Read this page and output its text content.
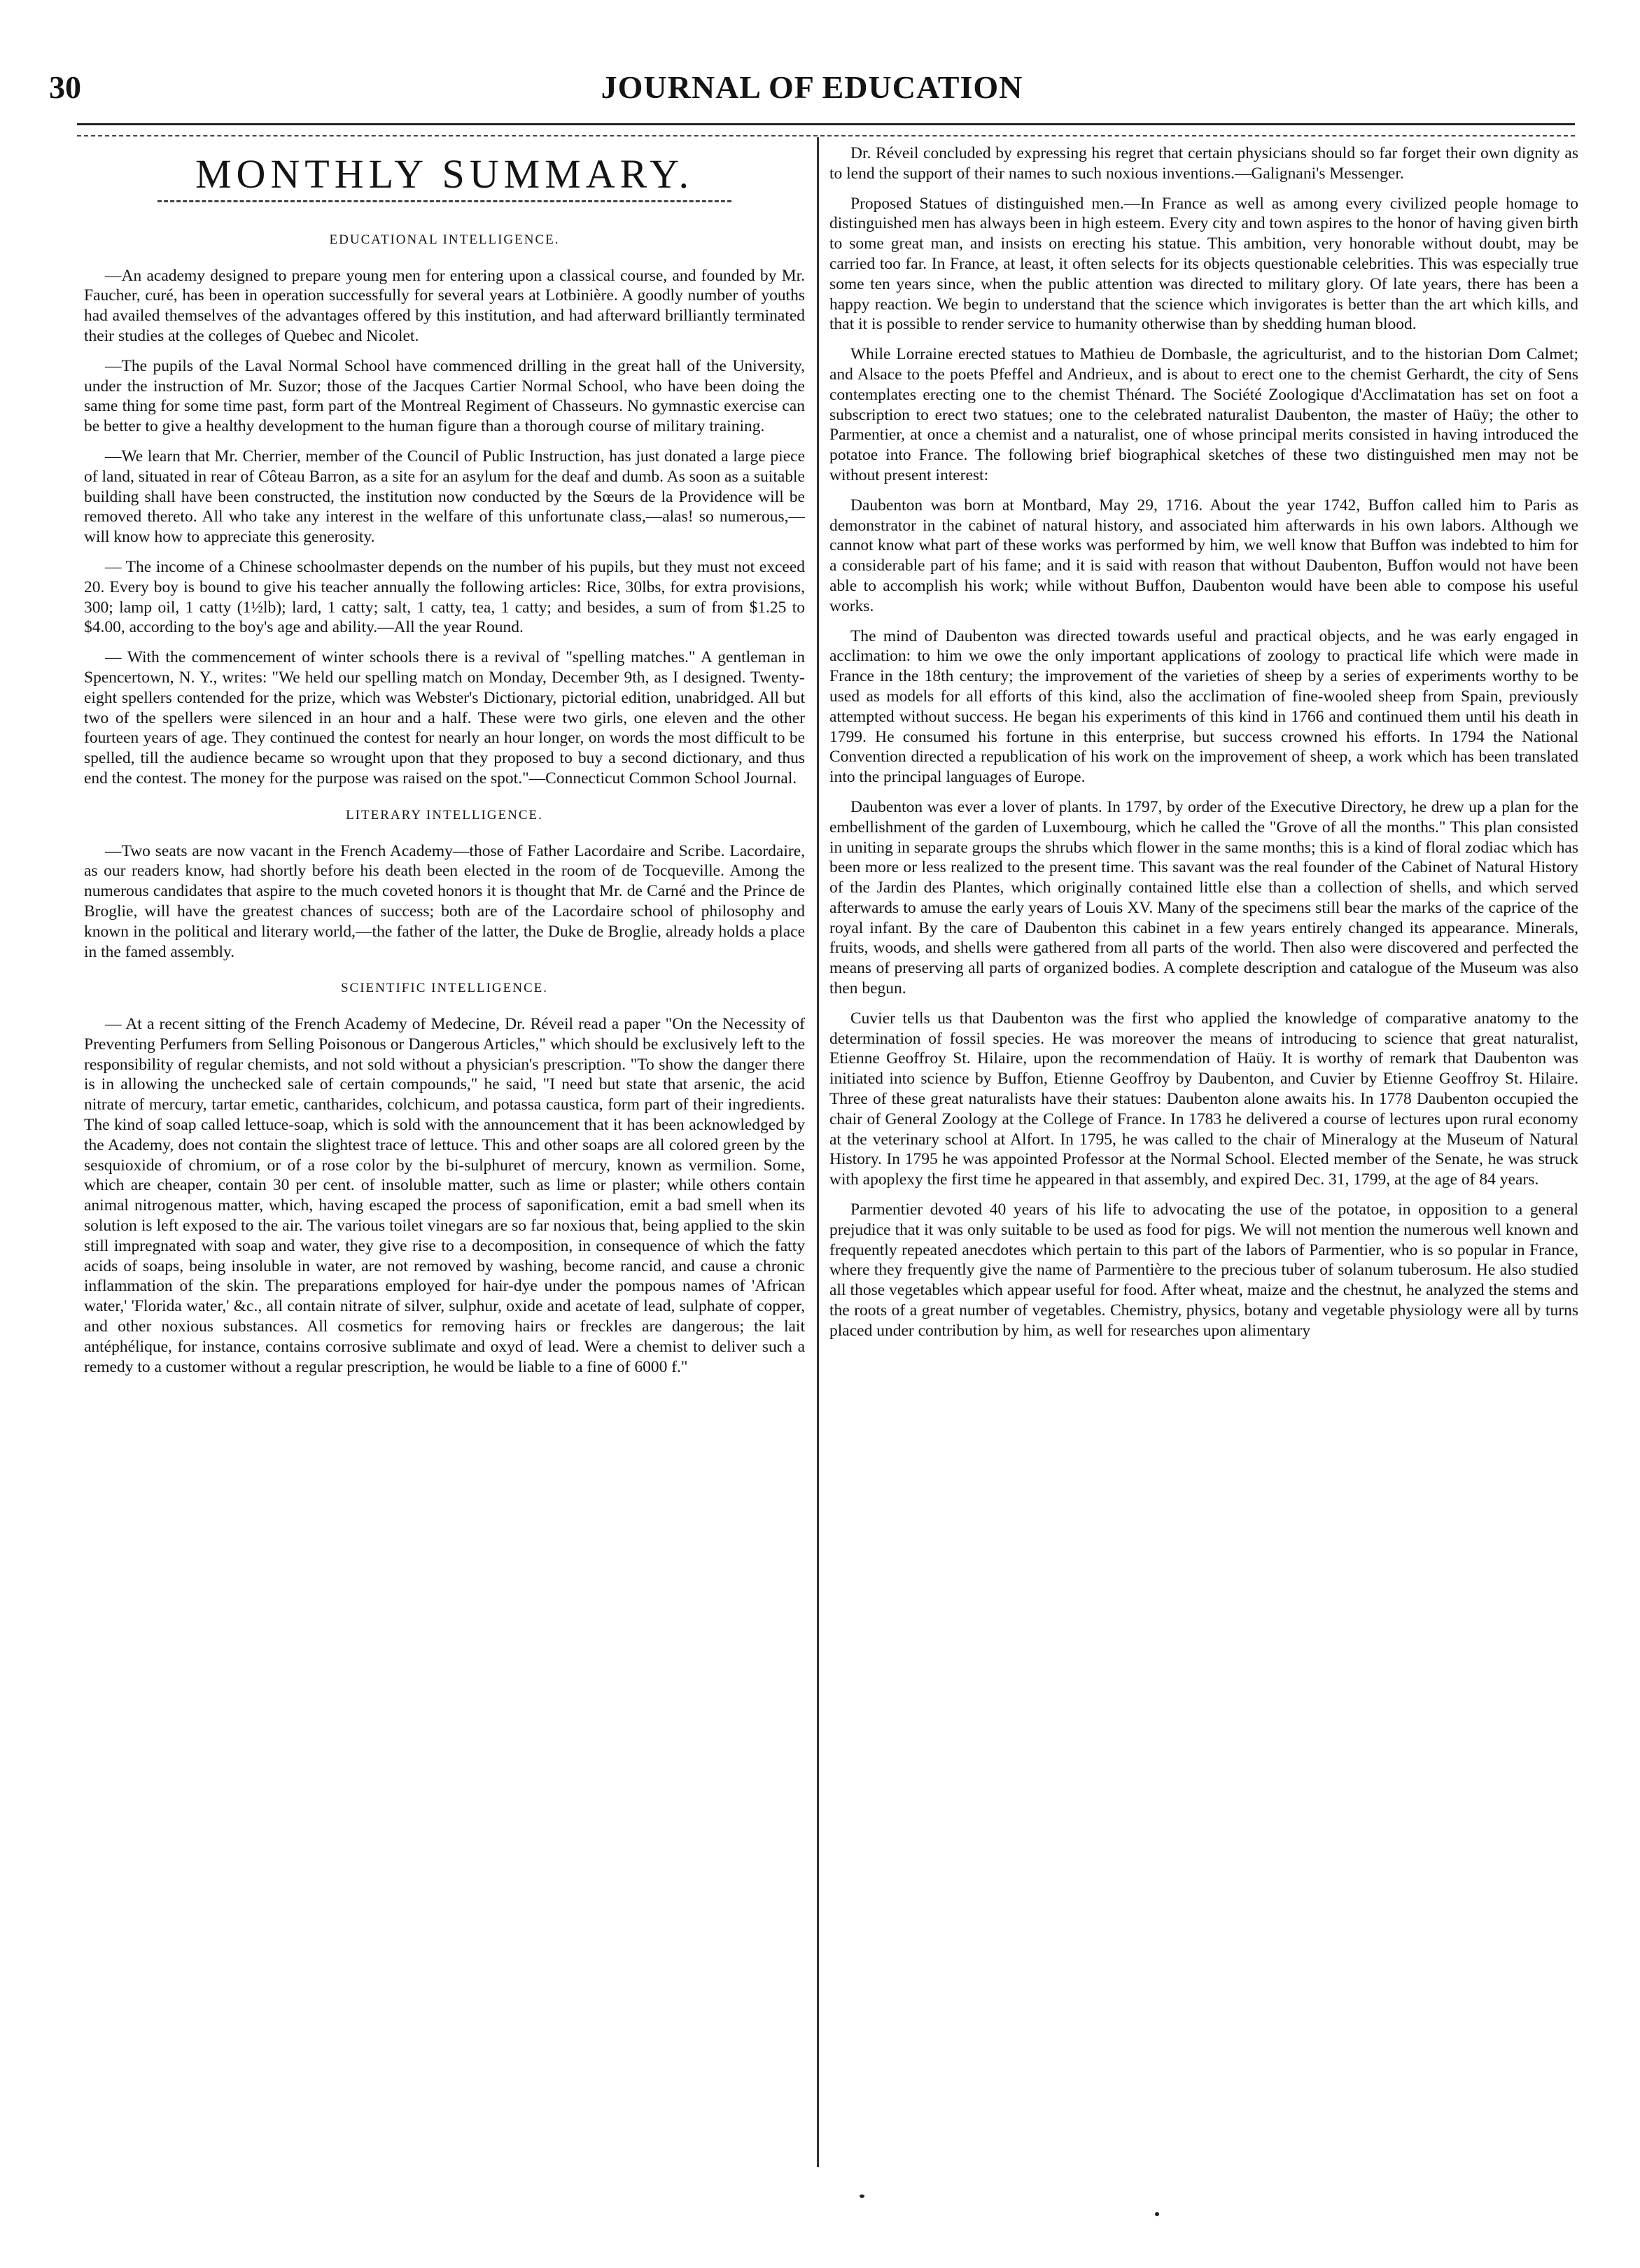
30	JOURNAL OF EDUCATION
MONTHLY SUMMARY.
EDUCATIONAL INTELLIGENCE.

—An academy designed to prepare young men for entering upon a classical course, and founded by Mr. Faucher, curé, has been in operation successfully for several years at Lotbinière. A goodly number of youths had availed themselves of the advantages offered by this institution, and had afterward brilliantly terminated their studies at the colleges of Quebec and Nicolet.

—The pupils of the Laval Normal School have commenced drilling in the great hall of the University, under the instruction of Mr. Suzor; those of the Jacques Cartier Normal School, who have been doing the same thing for some time past, form part of the Montreal Regiment of Chasseurs. No gymnastic exercise can be better to give a healthy development to the human figure than a thorough course of military training.

—We learn that Mr. Cherrier, member of the Council of Public Instruction, has just donated a large piece of land, situated in rear of Côteau Barron, as a site for an asylum for the deaf and dumb. As soon as a suitable building shall have been constructed, the institution now conducted by the Sœurs de la Providence will be removed thereto. All who take any interest in the welfare of this unfortunate class,—alas! so numerous,—will know how to appreciate this generosity.

— The income of a Chinese schoolmaster depends on the number of his pupils, but they must not exceed 20. Every boy is bound to give his teacher annually the following articles: Rice, 30lbs, for extra provisions, 300; lamp oil, 1 catty (1½lb); lard, 1 catty; salt, 1 catty, tea, 1 catty; and besides, a sum of from $1.25 to $4.00, according to the boy's age and ability.—All the year Round.

— With the commencement of winter schools there is a revival of "spelling matches." A gentleman in Spencertown, N. Y., writes: "We held our spelling match on Monday, December 9th, as I designed. Twenty-eight spellers contended for the prize, which was Webster's Dictionary, pictorial edition, unabridged. All but two of the spellers were silenced in an hour and a half. These were two girls, one eleven and the other fourteen years of age. They continued the contest for nearly an hour longer, on words the most difficult to be spelled, till the audience became so wrought upon that they proposed to buy a second dictionary, and thus end the contest. The money for the purpose was raised on the spot."—Connecticut Common School Journal.

LITERARY INTELLIGENCE.

—Two seats are now vacant in the French Academy—those of Father Lacordaire and Scribe. Lacordaire, as our readers know, had shortly before his death been elected in the room of de Tocqueville. Among the numerous candidates that aspire to the much coveted honors it is thought that Mr. de Carné and the Prince de Broglie, will have the greatest chances of success; both are of the Lacordaire school of philosophy and known in the political and literary world,—the father of the latter, the Duke de Broglie, already holds a place in the famed assembly.

SCIENTIFIC INTELLIGENCE.

— At a recent sitting of the French Academy of Medecine, Dr. Réveil read a paper "On the Necessity of Preventing Perfumers from Selling Poisonous or Dangerous Articles," which should be exclusively left to the responsibility of regular chemists, and not sold without a physician's prescription. "To show the danger there is in allowing the unchecked sale of certain compounds," he said, "I need but state that arsenic, the acid nitrate of mercury, tartar emetic, cantharides, colchicum, and potassa caustica, form part of their ingredients. The kind of soap called lettuce-soap, which is sold with the announcement that it has been acknowledged by the Academy, does not contain the slightest trace of lettuce. This and other soaps are all colored green by the sesquioxide of chromium, or of a rose color by the bi-sulphuret of mercury, known as vermilion. Some, which are cheaper, contain 30 per cent. of insoluble matter, such as lime or plaster; while others contain animal nitrogenous matter, which, having escaped the process of saponification, emit a bad smell when its solution is left exposed to the air. The various toilet vinegars are so far noxious that, being applied to the skin still impregnated with soap and water, they give rise to a decomposition, in consequence of which the fatty acids of soaps, being insoluble in water, are not removed by washing, become rancid, and cause a chronic inflammation of the skin. The preparations employed for hair-dye under the pompous names of 'African water,' 'Florida water,' &c., all contain nitrate of silver, sulphur, oxide and acetate of lead, sulphate of copper, and other noxious substances. All cosmetics for removing hairs or freckles are dangerous; the lait antéphélique, for instance, contains corrosive sublimate and oxyd of lead. Were a chemist to deliver such a remedy to a customer without a regular prescription, he would be liable to a fine of 6000 f."

Dr. Réveil concluded by expressing his regret that certain physicians should so far forget their own dignity as to lend the support of their names to such noxious inventions.—Galignani's Messenger.

Proposed Statues of distinguished men.—In France as well as among every civilized people homage to distinguished men has always been in high esteem. Every city and town aspires to the honor of having given birth to some great man, and insists on erecting his statue. This ambition, very honorable without doubt, may be carried too far. In France, at least, it often selects for its objects questionable celebrities. This was especially true some ten years since, when the public attention was directed to military glory. Of late years, there has been a happy reaction. We begin to understand that the science which invigorates is better than the art which kills, and that it is possible to render service to humanity otherwise than by shedding human blood.

While Lorraine erected statues to Mathieu de Dombasle, the agriculturist, and to the historian Dom Calmet; and Alsace to the poets Pfeffel and Andrieux, and is about to erect one to the chemist Gerhardt, the city of Sens contemplates erecting one to the chemist Thénard. The Société Zoologique d'Acclimatation has set on foot a subscription to erect two statues; one to the celebrated naturalist Daubenton, the master of Haüy; the other to Parmentier, at once a chemist and a naturalist, one of whose principal merits consisted in having introduced the potatoe into France. The following brief biographical sketches of these two distinguished men may not be without present interest:

Daubenton was born at Montbard, May 29, 1716. About the year 1742, Buffon called him to Paris as demonstrator in the cabinet of natural history, and associated him afterwards in his own labors. Although we cannot know what part of these works was performed by him, we well know that Buffon was indebted to him for a considerable part of his fame; and it is said with reason that without Daubenton, Buffon would not have been able to accomplish his work; while without Buffon, Daubenton would have been able to compose his useful works.

The mind of Daubenton was directed towards useful and practical objects, and he was early engaged in acclimation: to him we owe the only important applications of zoology to practical life which were made in France in the 18th century; the improvement of the varieties of sheep by a series of experiments worthy to be used as models for all efforts of this kind, also the acclimation of fine-wooled sheep from Spain, previously attempted without success. He began his experiments of this kind in 1766 and continued them until his death in 1799. He consumed his fortune in this enterprise, but success crowned his efforts. In 1794 the National Convention directed a republication of his work on the improvement of sheep, a work which has been translated into the principal languages of Europe.

Daubenton was ever a lover of plants. In 1797, by order of the Executive Directory, he drew up a plan for the embellishment of the garden of Luxembourg, which he called the "Grove of all the months." This plan consisted in uniting in separate groups the shrubs which flower in the same months; this is a kind of floral zodiac which has been more or less realized to the present time. This savant was the real founder of the Cabinet of Natural History of the Jardin des Plantes, which originally contained little else than a collection of shells, and which served afterwards to amuse the early years of Louis XV. Many of the specimens still bear the marks of the caprice of the royal infant. By the care of Daubenton this cabinet in a few years entirely changed its appearance. Minerals, fruits, woods, and shells were gathered from all parts of the world. Then also were discovered and perfected the means of preserving all parts of organized bodies. A complete description and catalogue of the Museum was also then begun.

Cuvier tells us that Daubenton was the first who applied the knowledge of comparative anatomy to the determination of fossil species. He was moreover the means of introducing to science that great naturalist, Etienne Geoffroy St. Hilaire, upon the recommendation of Haüy. It is worthy of remark that Daubenton was initiated into science by Buffon, Etienne Geoffroy by Daubenton, and Cuvier by Etienne Geoffroy St. Hilaire. Three of these great naturalists have their statues: Daubenton alone awaits his. In 1778 Daubenton occupied the chair of General Zoology at the College of France. In 1783 he delivered a course of lectures upon rural economy at the veterinary school at Alfort. In 1795, he was called to the chair of Mineralogy at the Museum of Natural History. In 1795 he was appointed Professor at the Normal School. Elected member of the Senate, he was struck with apoplexy the first time he appeared in that assembly, and expired Dec. 31, 1799, at the age of 84 years.

Parmentier devoted 40 years of his life to advocating the use of the potatoe, in opposition to a general prejudice that it was only suitable to be used as food for pigs. We will not mention the numerous well known and frequently repeated anecdotes which pertain to this part of the labors of Parmentier, who is so popular in France, where they frequently give the name of Parmentière to the precious tuber of solanum tuberosum. He also studied all those vegetables which appear useful for food. After wheat, maize and the chestnut, he analyzed the stems and the roots of a great number of vegetables. Chemistry, physics, botany and vegetable physiology were all by turns placed under contribution by him, as well for researches upon alimentary
